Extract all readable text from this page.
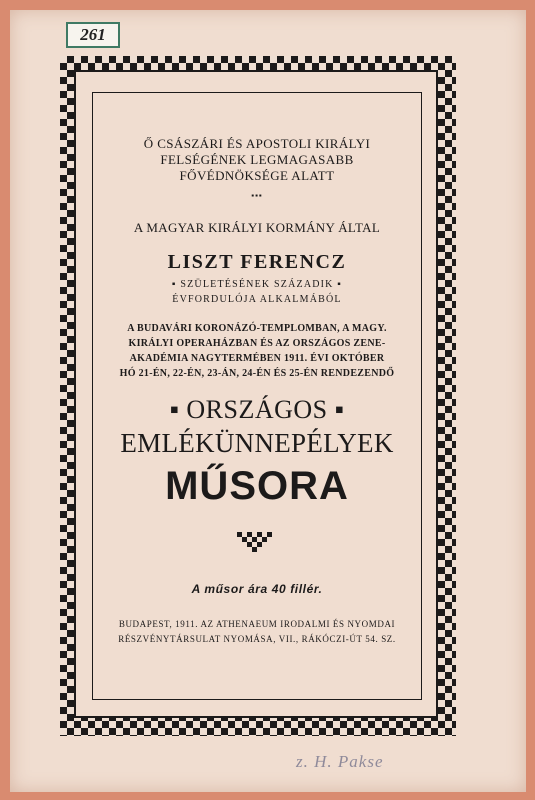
261

Ő CSÁSZÁRI ÉS APOSTOLI KIRÁLYI

FELSÉGÉNEK LEGMAGASABB

FŐVÉDNÖKSÉGE ALATT

▪▪▪

A MAGYAR KIRÁLYI KORMÁNY ÁLTAL

LISZT FERENCZ

▪ SZÜLETÉSÉNEK SZÁZADIK ▪

ÉVFORDULÓJA ALKALMÁBÓL

A BUDAVÁRI KORONÁZÓ-TEMPLOMBAN, A MAGY.

KIRÁLYI OPERAHÁZBAN ÉS AZ ORSZÁGOS ZENE-

AKADÉMIA NAGYTERMÉBEN 1911. ÉVI OKTÓBER

HÓ 21-ÉN, 22-ÉN, 23-ÁN, 24-ÉN ÉS 25-ÉN RENDEZENDŐ

▪ ORSZÁGOS ▪

EMLÉKÜNNEPÉLYEK

MŰSORA

A műsor ára 40 fillér.

BUDAPEST, 1911. AZ ATHENAEUM IRODALMI ÉS NYOMDAI

RÉSZVÉNYTÁRSULAT NYOMÁSA, VII., RÁKÓCZI-ÚT 54. SZ.

z. H. Pakse
